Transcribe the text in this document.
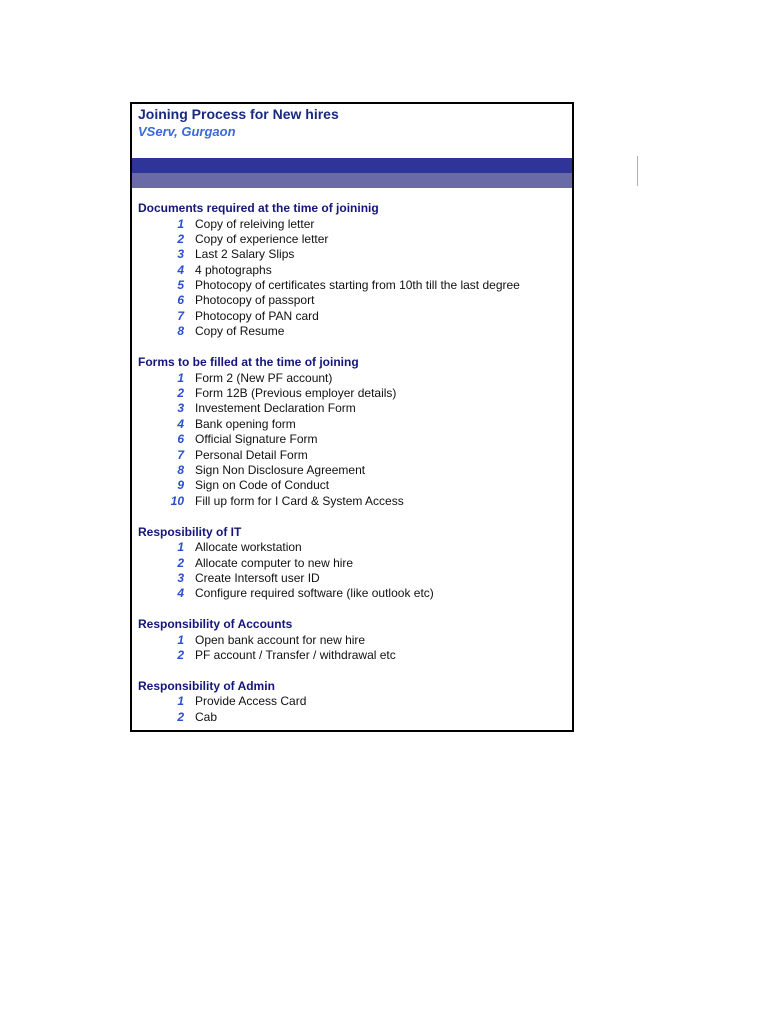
Joining Process for New hires
VServ, Gurgaon
Documents required at the time of joininig
1 Copy of releiving letter
2 Copy of experience letter
3 Last 2 Salary Slips
4 4 photographs
5 Photocopy of certificates starting from 10th till the last degree
6 Photocopy of passport
7 Photocopy of PAN card
8 Copy of Resume
Forms to be filled at the time of joining
1 Form 2 (New PF account)
2 Form 12B (Previous employer details)
3 Investement Declaration Form
4 Bank opening form
6 Official Signature Form
7 Personal Detail Form
8 Sign Non Disclosure Agreement
9 Sign on Code of Conduct
10 Fill up form for I Card & System Access
Resposibility of IT
1 Allocate workstation
2 Allocate computer to new hire
3 Create Intersoft user ID
4 Configure required software (like outlook etc)
Responsibility of Accounts
1 Open bank account for new hire
2 PF account / Transfer / withdrawal etc
Responsibility of Admin
1 Provide Access Card
2 Cab
